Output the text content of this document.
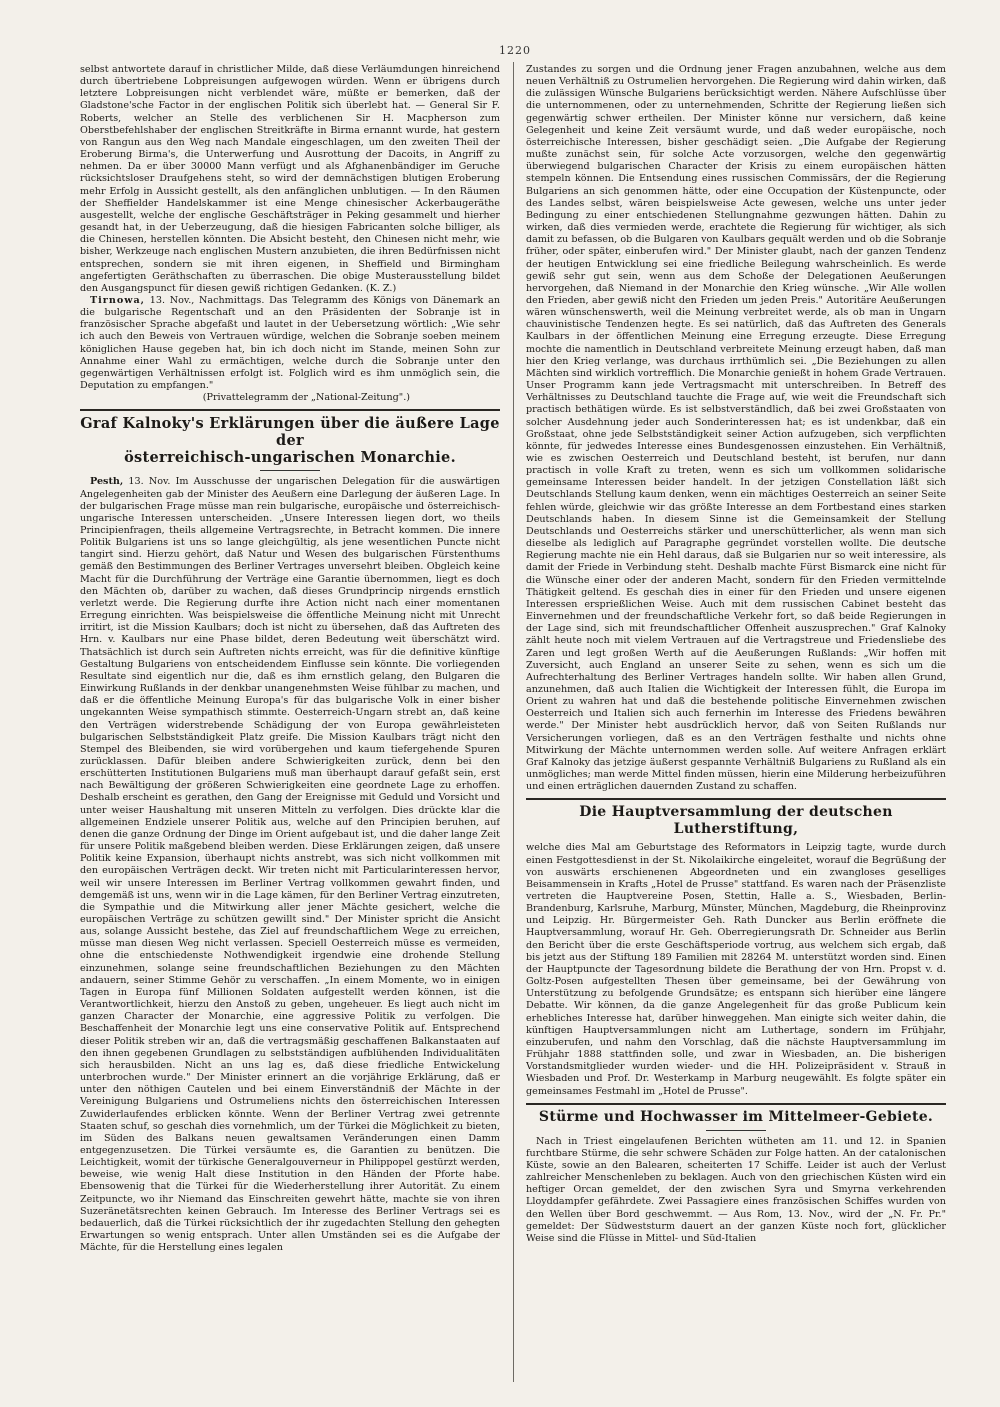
1220

selbst antwortete darauf in christlicher Milde, daß diese Verläumdungen hinreichend durch übertriebene Lobpreisungen aufgewogen würden. Wenn er übrigens durch letztere Lobpreisungen nicht verblendet wäre, müßte er bemerken, daß der Gladstone'sche Factor in der englischen Politik sich überlebt hat. — General Sir F. Roberts, welcher an Stelle des verblichenen Sir H. Macpherson zum Oberstbefehlshaber der englischen Streitkräfte in Birma ernannt wurde, hat gestern von Rangun aus den Weg nach Mandale eingeschlagen, um den zweiten Theil der Eroberung Birma's, die Unterwerfung und Ausrottung der Dacoits, in Angriff zu nehmen. Da er über 30000 Mann verfügt und als Afghanenbändiger im Geruche rücksichtsloser Draufgehens steht, so wird der demnächstigen blutigen Eroberung mehr Erfolg in Aussicht gestellt, als den anfänglichen unblutigen. — In den Räumen der Sheffielder Handelskammer ist eine Menge chinesischer Ackerbaugeräthe ausgestellt, welche der englische Geschäftsträger in Peking gesammelt und hierher gesandt hat, in der Ueberzeugung, daß die hiesigen Fabricanten solche billiger, als die Chinesen, herstellen könnten. Die Absicht besteht, den Chinesen nicht mehr, wie bisher, Werkzeuge nach englischen Mustern anzubieten, die ihren Bedürfnissen nicht entsprechen, sondern sie mit ihren eigenen, in Sheffield und Birmingham angefertigten Geräthschaften zu überraschen. Die obige Musterausstellung bildet den Ausgangspunct für diesen gewiß richtigen Gedanken. (K. Z.)

Tirnowa, 13. Nov., Nachmittags. Das Telegramm des Königs von Dänemark an die bulgarische Regentschaft und an den Präsidenten der Sobranje ist in französischer Sprache abgefaßt und lautet in der Uebersetzung wörtlich: „Wie sehr ich auch den Beweis von Vertrauen würdige, welchen die Sobranje soeben meinem königlichen Hause gegeben hat, bin ich doch nicht im Stande, meinen Sohn zur Annahme einer Wahl zu ermächtigen, welche durch die Sobranje unter den gegenwärtigen Verhältnissen erfolgt ist. Folglich wird es ihm unmöglich sein, die Deputation zu empfangen."

(Privattelegramm der „National-Zeitung".)

Graf Kalnoky's Erklärungen über die äußere Lage der
österreichisch-ungarischen Monarchie.

Pesth, 13. Nov. Im Ausschusse der ungarischen Delegation für die auswärtigen Angelegenheiten gab der Minister des Aeußern eine Darlegung der äußeren Lage. In der bulgarischen Frage müsse man rein bulgarische, europäische und österreichisch-ungarische Interessen unterscheiden. „Unsere Interessen liegen dort, wo theils Principienfragen, theils allgemeine Vertragsrechte, in Betracht kommen. Die innere Politik Bulgariens ist uns so lange gleichgültig, als jene wesentlichen Puncte nicht tangirt sind. Hierzu gehört, daß Natur und Wesen des bulgarischen Fürstenthums gemäß den Bestimmungen des Berliner Vertrages unversehrt bleiben. Obgleich keine Macht für die Durchführung der Verträge eine Garantie übernommen, liegt es doch den Mächten ob, darüber zu wachen, daß dieses Grundprincip nirgends ernstlich verletzt werde. Die Regierung durfte ihre Action nicht nach einer momentanen Erregung einrichten. Was beispielsweise die öffentliche Meinung nicht mit Unrecht irritirt, ist die Mission Kaulbars; doch ist nicht zu übersehen, daß das Auftreten des Hrn. v. Kaulbars nur eine Phase bildet, deren Bedeutung weit überschätzt wird. Thatsächlich ist durch sein Auftreten nichts erreicht, was für die definitive künftige Gestaltung Bulgariens von entscheidendem Einflusse sein könnte. Die vorliegenden Resultate sind eigentlich nur die, daß es ihm ernstlich gelang, den Bulgaren die Einwirkung Rußlands in der denkbar unangenehmsten Weise fühlbar zu machen, und daß er die öffentliche Meinung Europa's für das bulgarische Volk in einer bisher ungekannten Weise sympathisch stimmte. Oesterreich-Ungarn strebt an, daß keine den Verträgen widerstrebende Schädigung der von Europa gewährleisteten bulgarischen Selbstständigkeit Platz greife. Die Mission Kaulbars trägt nicht den Stempel des Bleibenden, sie wird vorübergehen und kaum tiefergehende Spuren zurücklassen. Dafür bleiben andere Schwierigkeiten zurück, denn bei den erschütterten Institutionen Bulgariens muß man überhaupt darauf gefaßt sein, erst nach Bewältigung der größeren Schwierigkeiten eine geordnete Lage zu erhoffen. Deshalb erscheint es gerathen, den Gang der Ereignisse mit Geduld und Vorsicht und unter weiser Haushaltung mit unseren Mitteln zu verfolgen. Dies drückte klar die allgemeinen Endziele unserer Politik aus, welche auf den Principien beruhen, auf denen die ganze Ordnung der Dinge im Orient aufgebaut ist, und die daher lange Zeit für unsere Politik maßgebend bleiben werden. Diese Erklärungen zeigen, daß unsere Politik keine Expansion, überhaupt nichts anstrebt, was sich nicht vollkommen mit den europäischen Verträgen deckt. Wir treten nicht mit Particularinteressen hervor, weil wir unsere Interessen im Berliner Vertrag vollkommen gewahrt finden, und demgemäß ist uns, wenn wir in die Lage kämen, für den Berliner Vertrag einzutreten, die Sympathie und die Mitwirkung aller jener Mächte gesichert, welche die europäischen Verträge zu schützen gewillt sind." Der Minister spricht die Ansicht aus, solange Aussicht bestehe, das Ziel auf freundschaftlichem Wege zu erreichen, müsse man diesen Weg nicht verlassen. Speciell Oesterreich müsse es vermeiden, ohne die entschiedenste Nothwendigkeit irgendwie eine drohende Stellung einzunehmen, solange seine freundschaftlichen Beziehungen zu den Mächten andauern, seiner Stimme Gehör zu verschaffen. „In einem Momente, wo in einigen Tagen in Europa fünf Millionen Soldaten aufgestellt werden können, ist die Verantwortlichkeit, hierzu den Anstoß zu geben, ungeheuer. Es liegt auch nicht im ganzen Character der Monarchie, eine aggressive Politik zu verfolgen. Die Beschaffenheit der Monarchie legt uns eine conservative Politik auf. Entsprechend dieser Politik streben wir an, daß die vertragsmäßig geschaffenen Balkanstaaten auf den ihnen gegebenen Grundlagen zu selbstständigen aufblühenden Individualitäten sich herausbilden. Nicht an uns lag es, daß diese friedliche Entwickelung unterbrochen wurde." Der Minister erinnert an die vorjährige Erklärung, daß er unter den nöthigen Cautelen und bei einem Einverständniß der Mächte in der Vereinigung Bulgariens und Ostrumeliens nichts den österreichischen Interessen Zuwiderlaufendes erblicken könnte. Wenn der Berliner Vertrag zwei getrennte Staaten schuf, so geschah dies vornehmlich, um der Türkei die Möglichkeit zu bieten, im Süden des Balkans neuen gewaltsamen Veränderungen einen Damm entgegenzusetzen. Die Türkei versäumte es, die Garantien zu benützen. Die Leichtigkeit, womit der türkische Generalgouverneur in Philippopel gestürzt werden, beweise, wie wenig Halt diese Institution in den Händen der Pforte habe. Ebensowenig that die Türkei für die Wiederherstellung ihrer Autorität. Zu einem Zeitpuncte, wo ihr Niemand das Einschreiten gewehrt hätte, machte sie von ihren Suzeränetätsrechten keinen Gebrauch. Im Interesse des Berliner Vertrags sei es bedauerlich, daß die Türkei rücksichtlich der ihr zugedachten Stellung den gehegten Erwartungen so wenig entsprach. Unter allen Umständen sei es die Aufgabe der Mächte, für die Herstellung eines legalen

Zustandes zu sorgen und die Ordnung jener Fragen anzubahnen, welche aus dem neuen Verhältniß zu Ostrumelien hervorgehen. Die Regierung wird dahin wirken, daß die zulässigen Wünsche Bulgariens berücksichtigt werden. Nähere Aufschlüsse über die unternommenen, oder zu unternehmenden, Schritte der Regierung ließen sich gegenwärtig schwer ertheilen. Der Minister könne nur versichern, daß keine Gelegenheit und keine Zeit versäumt wurde, und daß weder europäische, noch österreichische Interessen, bisher geschädigt seien. „Die Aufgabe der Regierung mußte zunächst sein, für solche Acte vorzusorgen, welche den gegenwärtig überwiegend bulgarischen Character der Krisis zu einem europäischen hätten stempeln können. Die Entsendung eines russischen Commissärs, der die Regierung Bulgariens an sich genommen hätte, oder eine Occupation der Küstenpuncte, oder des Landes selbst, wären beispielsweise Acte gewesen, welche uns unter jeder Bedingung zu einer entschiedenen Stellungnahme gezwungen hätten. Dahin zu wirken, daß dies vermieden werde, erachtete die Regierung für wichtiger, als sich damit zu befassen, ob die Bulgaren von Kaulbars gequält werden und ob die Sobranje früher, oder später, einberufen wird." Der Minister glaubt, nach der ganzen Tendenz der heutigen Entwicklung sei eine friedliche Beilegung wahrscheinlich. Es werde gewiß sehr gut sein, wenn aus dem Schoße der Delegationen Aeußerungen hervorgehen, daß Niemand in der Monarchie den Krieg wünsche. „Wir Alle wollen den Frieden, aber gewiß nicht den Frieden um jeden Preis." Autoritäre Aeußerungen wären wünschenswerth, weil die Meinung verbreitet werde, als ob man in Ungarn chauvinistische Tendenzen hegte. Es sei natürlich, daß das Auftreten des Generals Kaulbars in der öffentlichen Meinung eine Erregung erzeugte. Diese Erregung mochte die namentlich in Deutschland verbreitete Meinung erzeugt haben, daß man hier den Krieg verlange, was durchaus irrthümlich sei. „Die Beziehungen zu allen Mächten sind wirklich vortrefflich. Die Monarchie genießt in hohem Grade Vertrauen. Unser Programm kann jede Vertragsmacht mit unterschreiben. In Betreff des Verhältnisses zu Deutschland tauchte die Frage auf, wie weit die Freundschaft sich practisch bethätigen würde. Es ist selbstverständlich, daß bei zwei Großstaaten von solcher Ausdehnung jeder auch Sonderinteressen hat; es ist undenkbar, daß ein Großstaat, ohne jede Selbstständigkeit seiner Action aufzugeben, sich verpflichten könnte, für jedwedes Interesse eines Bundesgenossen einzustehen. Ein Verhältniß, wie es zwischen Oesterreich und Deutschland besteht, ist berufen, nur dann practisch in volle Kraft zu treten, wenn es sich um vollkommen solidarische gemeinsame Interessen beider handelt. In der jetzigen Constellation läßt sich Deutschlands Stellung kaum denken, wenn ein mächtiges Oesterreich an seiner Seite fehlen würde, gleichwie wir das größte Interesse an dem Fortbestand eines starken Deutschlands haben. In diesem Sinne ist die Gemeinsamkeit der Stellung Deutschlands und Oesterreichs stärker und unerschütterlicher, als wenn man sich dieselbe als lediglich auf Paragraphe gegründet vorstellen wollte. Die deutsche Regierung machte nie ein Hehl daraus, daß sie Bulgarien nur so weit interessire, als damit der Friede in Verbindung steht. Deshalb machte Fürst Bismarck eine nicht für die Wünsche einer oder der anderen Macht, sondern für den Frieden vermittelnde Thätigkeit geltend. Es geschah dies in einer für den Frieden und unsere eigenen Interessen ersprießlichen Weise. Auch mit dem russischen Cabinet besteht das Einvernehmen und der freundschaftliche Verkehr fort, so daß beide Regierungen in der Lage sind, sich mit freundschaftlicher Offenheit auszusprechen." Graf Kalnoky zählt heute noch mit vielem Vertrauen auf die Vertragstreue und Friedensliebe des Zaren und legt großen Werth auf die Aeußerungen Rußlands: „Wir hoffen mit Zuversicht, auch England an unserer Seite zu sehen, wenn es sich um die Aufrechterhaltung des Berliner Vertrages handeln sollte. Wir haben allen Grund, anzunehmen, daß auch Italien die Wichtigkeit der Interessen fühlt, die Europa im Orient zu wahren hat und daß die bestehende politische Einvernehmen zwischen Oesterreich und Italien sich auch fernerhin im Interesse des Friedens bewähren werde." Der Minister hebt ausdrücklich hervor, daß von Seiten Rußlands nur Versicherungen vorliegen, daß es an den Verträgen festhalte und nichts ohne Mitwirkung der Mächte unternommen werden solle. Auf weitere Anfragen erklärt Graf Kalnoky das jetzige äußerst gespannte Verhältniß Bulgariens zu Rußland als ein unmögliches; man werde Mittel finden müssen, hierin eine Milderung herbeizuführen und einen erträglichen dauernden Zustand zu schaffen.

Die Hauptversammlung der deutschen Lutherstiftung,

welche dies Mal am Geburtstage des Reformators in Leipzig tagte, wurde durch einen Festgottesdienst in der St. Nikolaikirche eingeleitet, worauf die Begrüßung der von auswärts erschienenen Abgeordneten und ein zwangloses geselliges Beisammensein in Krafts „Hotel de Prusse" stattfand. Es waren nach der Präsenzliste vertreten die Hauptvereine Posen, Stettin, Halle a. S., Wiesbaden, Berlin-Brandenburg, Karlsruhe, Marburg, Münster, München, Magdeburg, die Rheinprovinz und Leipzig. Hr. Bürgermeister Geh. Rath Duncker aus Berlin eröffnete die Hauptversammlung, worauf Hr. Geh. Oberregierungsrath Dr. Schneider aus Berlin den Bericht über die erste Geschäftsperiode vortrug, aus welchem sich ergab, daß bis jetzt aus der Stiftung 189 Familien mit 28264 M. unterstützt worden sind. Einen der Hauptpuncte der Tagesordnung bildete die Berathung der von Hrn. Propst v. d. Goltz-Posen aufgestellten Thesen über gemeinsame, bei der Gewährung von Unterstützung zu befolgende Grundsätze; es entspann sich hierüber eine längere Debatte. Wir können, da die ganze Angelegenheit für das große Publicum kein erhebliches Interesse hat, darüber hinweggehen. Man einigte sich weiter dahin, die künftigen Hauptversammlungen nicht am Luthertage, sondern im Frühjahr, einzuberufen, und nahm den Vorschlag, daß die nächste Hauptversammlung im Frühjahr 1888 stattfinden solle, und zwar in Wiesbaden, an. Die bisherigen Vorstandsmitglieder wurden wieder- und die HH. Polizeipräsident v. Strauß in Wiesbaden und Prof. Dr. Westerkamp in Marburg neugewählt. Es folgte später ein gemeinsames Festmahl im „Hotel de Prusse".

Stürme und Hochwasser im Mittelmeer-Gebiete.

Nach in Triest eingelaufenen Berichten wütheten am 11. und 12. in Spanien furchtbare Stürme, die sehr schwere Schäden zur Folge hatten. An der catalonischen Küste, sowie an den Balearen, scheiterten 17 Schiffe. Leider ist auch der Verlust zahlreicher Menschenleben zu beklagen. Auch von den griechischen Küsten wird ein heftiger Orcan gemeldet, der den zwischen Syra und Smyrna verkehrenden Lloyddampfer gefährdete. Zwei Passagiere eines französischen Schiffes wurden von den Wellen über Bord geschwemmt. — Aus Rom, 13. Nov., wird der „N. Fr. Pr." gemeldet: Der Südweststurm dauert an der ganzen Küste noch fort, glücklicher Weise sind die Flüsse in Mittel- und Süd-Italien
